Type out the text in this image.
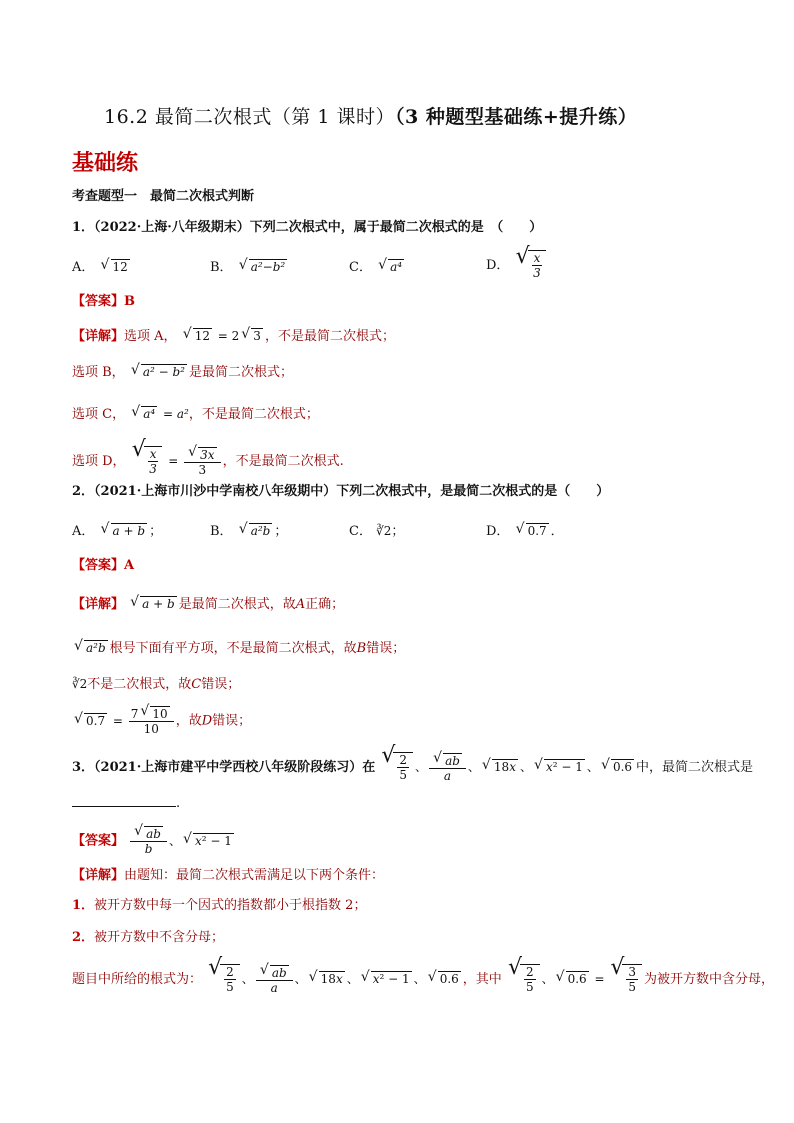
16.2 最简二次根式（第 1 课时）（3 种题型基础练+提升练）
基础练
考查题型一　最简二次根式判断
1．（2022·上海·八年级期末）下列二次根式中，属于最简二次根式的是　（　　）
A． √ 12	B． √ a²−b²	C． √ a⁴	D． √ $\frac{x}{3}$
【答案】B
【详解】选项 A， √ 12 = 2 √ 3 ，不是最简二次根式；
选项 B， √ a² − b² 是最简二次根式；
选项 C， √ a⁴ = a²，不是最简二次根式；
选项 D， √ $\frac{x}{3} = \frac{√ 3x}{3}$ ，不是最简二次根式.
2．（2021·上海市川沙中学南校八年级期中）下列二次根式中，是最简二次根式的是（　　）
A． √ a + b ；	B． √ a²b ；	C． ∛2；	D． √ 0.7 ．
【答案】A
【详解】 √ a + b 是最简二次根式，故A正确；
√ a²b 根号下面有平方项，不是最简二次根式，故B错误；
∛2不是二次根式，故C错误；
√ $0.7 = \frac{7 √ 10}{10}$ ，故D错误；
3．（2021·上海市建平中学西校八年级阶段练习）在 √ $\frac{2}{5}$ 、 $\frac{√ ab}{a}$ 、 √ 18x 、 √ x² − 1 、 √ 0.6 中，最简二次根式是
.
【答案】 $\frac{√ ab}{b}$ 、 √ x² − 1
【详解】由题知：最简二次根式需满足以下两个条件：
1．被开方数中每一个因式的指数都小于根指数 2；
2．被开方数中不含分母；
题目中所给的根式为： √ $\frac{2}{5}$ 、 $\frac{√ ab}{a}$ 、 √ 18x 、 √ x² − 1 、 √ 0.6 ，其中 √ $\frac{2}{5}$ 、 √ 0.6 = √ $\frac{3}{5}$ 为被开方数中含分母，
